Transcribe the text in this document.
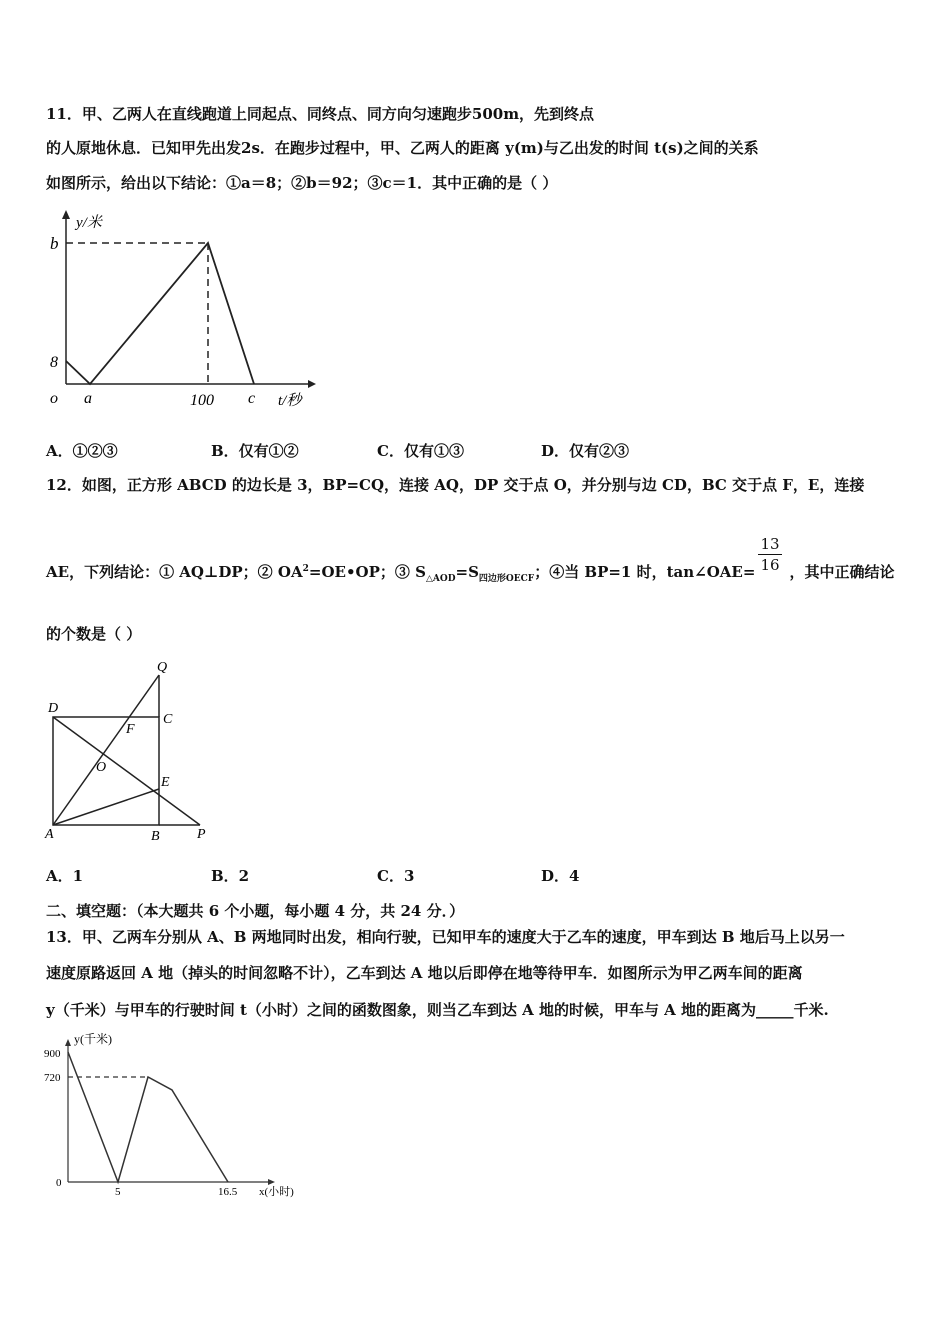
11．甲、乙两人在直线跑道上同起点、同终点、同方向匀速跑步500m，先到终点
的人原地休息．已知甲先出发2s．在跑步过程中，甲、乙两人的距离 y(m)与乙出发的时间 t(s)之间的关系
如图所示，给出以下结论：①a＝8；②b＝92；③c＝1．其中正确的是（ ）
y/米
b
8
o a	100 c t/秒
A．①②③	B．仅有①②	C．仅有①③	D．仅有②③
12．如图，正方形 ABCD 的边长是 3，BP=CQ，连接 AQ，DP 交于点 O，并分别与边 CD，BC 交于点 F，E，连接
AE，下列结论：① AQ⊥DP；② $OA^2=OE•OP$；③ $S_{\triangle AOD}=S_{四边形OECF}$；④当 BP=1 时，tan∠OAE= ，其中正确结论
$\frac{13}{16}$
的个数是（ ）
Q
D
C
F
O
E
A	B	P
A．1	B．2	C．3	D．4
二、填空题：（本大题共 6 个小题，每小题 4 分，共 24 分．）
13．甲、乙两车分别从 A、B 两地同时出发，相向行驶，已知甲车的速度大于乙车的速度，甲车到达 B 地后马上以另一
速度原路返回 A 地（掉头的时间忽略不计），乙车到达 A 地以后即停在地等待甲车．如图所示为甲乙两车间的距离
y（千米）与甲车的行驶时间 t（小时）之间的函数图象，则当乙车到达 A 地的时候，甲车与 A 地的距离为_____千米.
y(千米)
900
720
0
5	16.5 x(小时)
